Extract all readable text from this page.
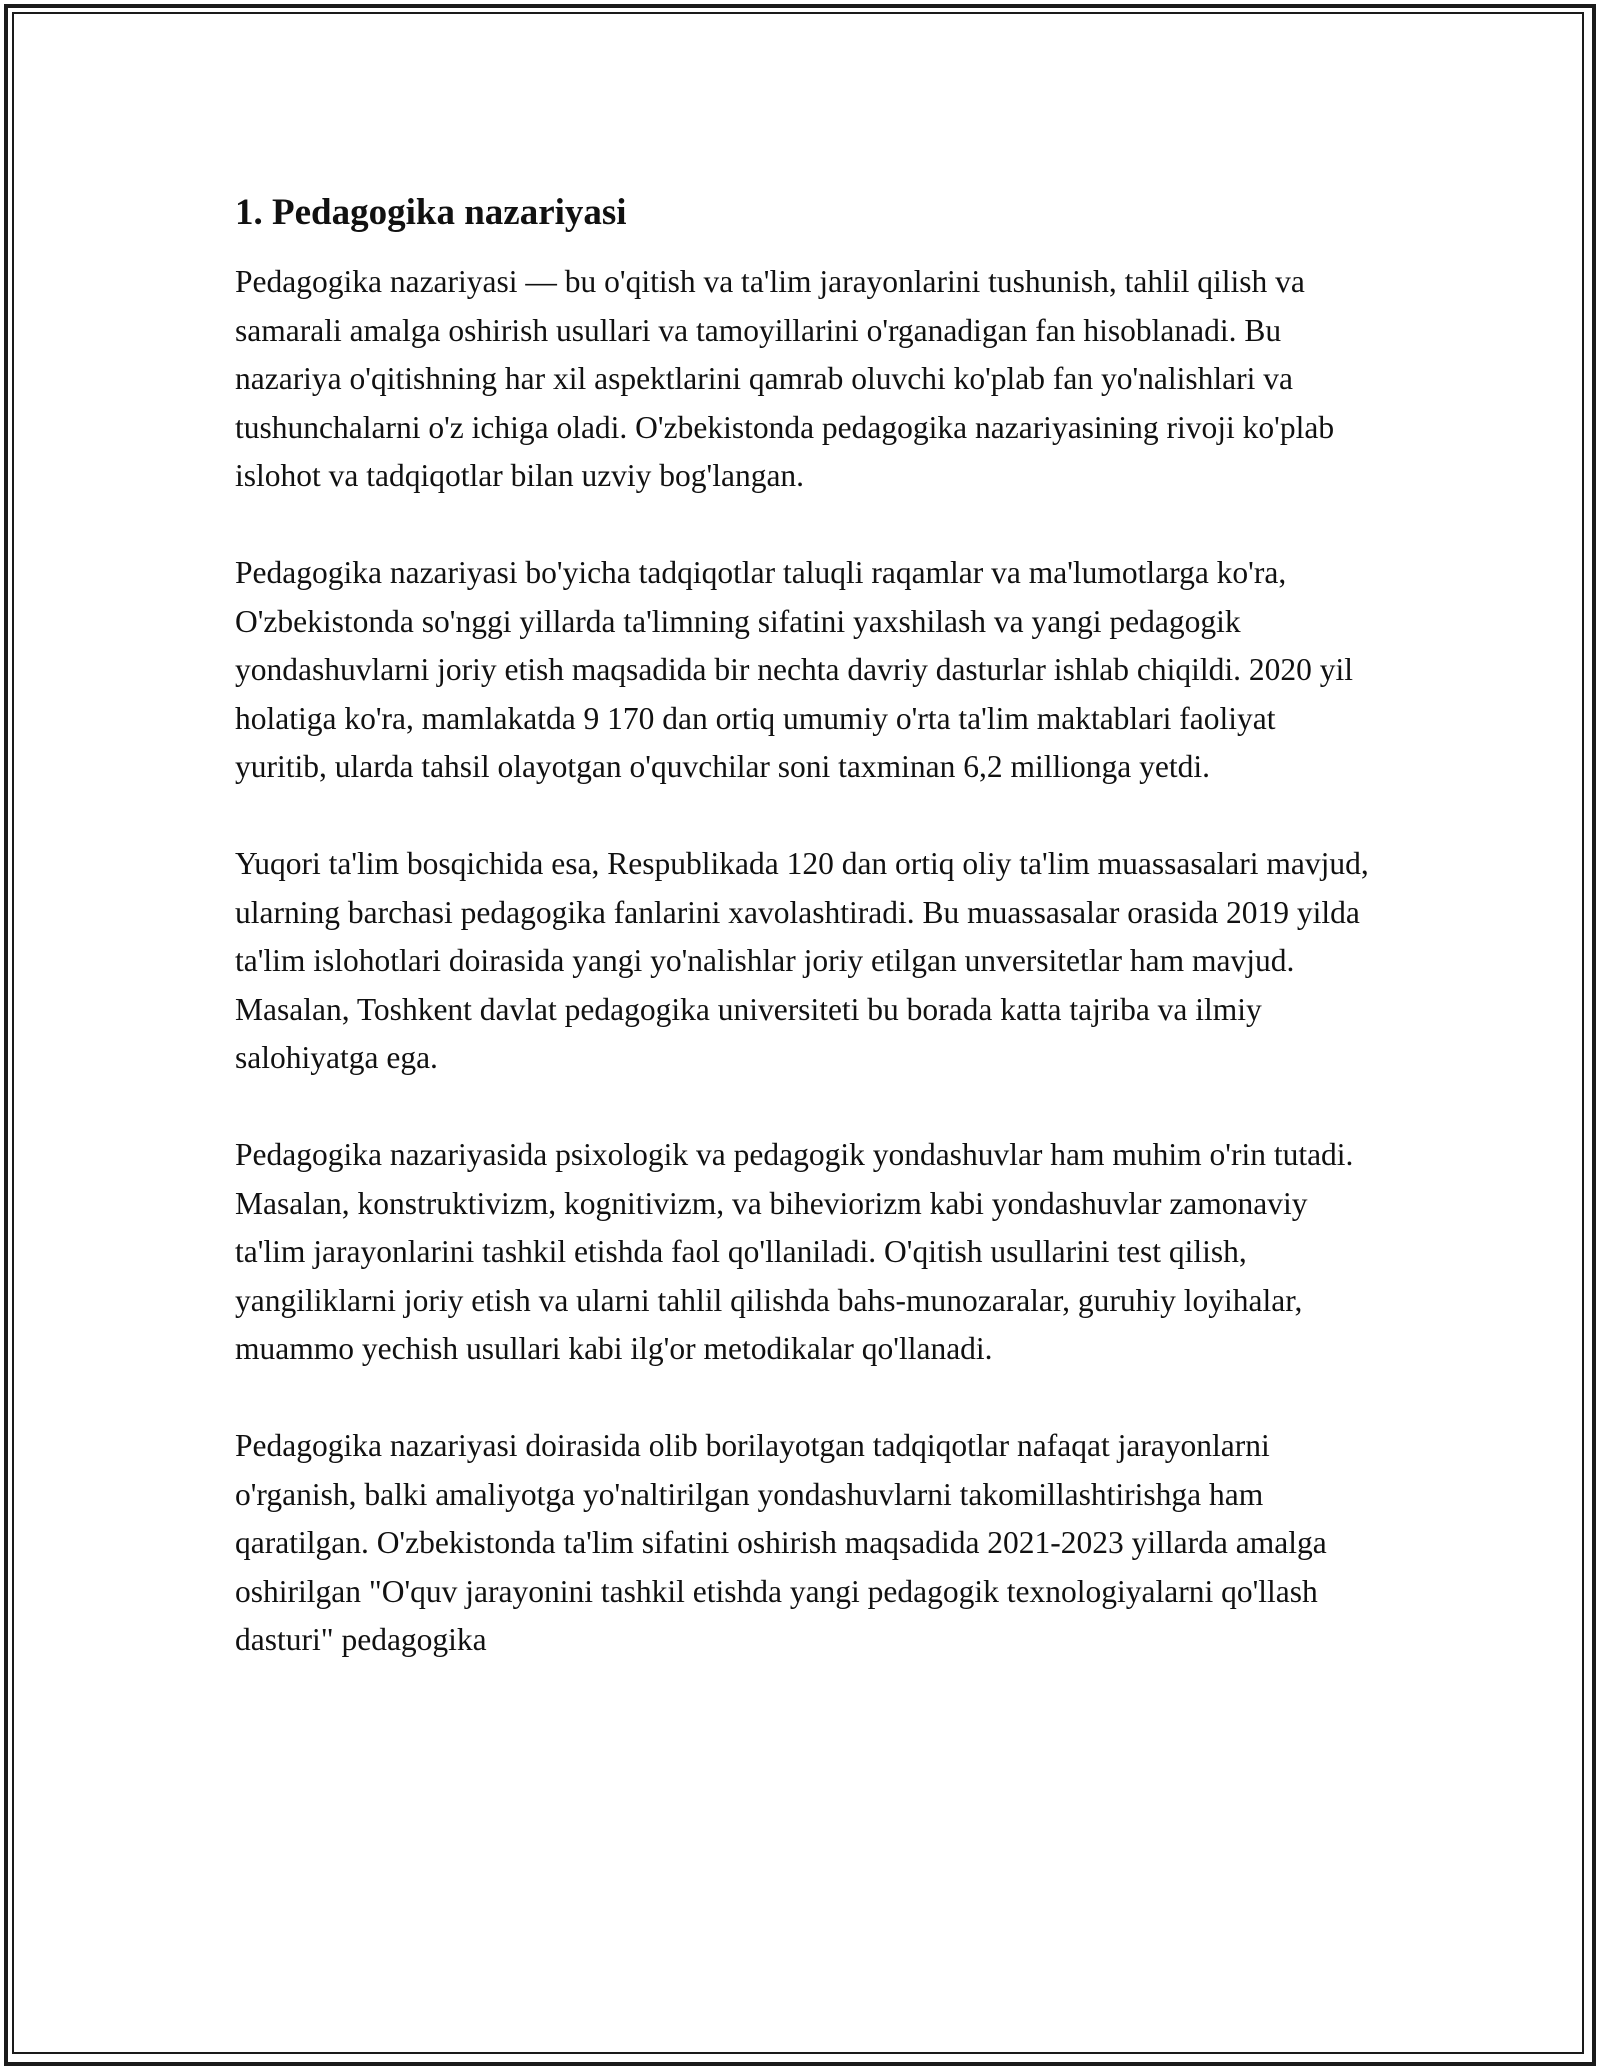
1. Pedagogika nazariyasi

Pedagogika nazariyasi — bu o'qitish va ta'lim jarayonlarini tushunish, tahlil qilish va samarali amalga oshirish usullari va tamoyillarini o'rganadigan fan hisoblanadi. Bu nazariya o'qitishning har xil aspektlarini qamrab oluvchi ko'plab fan yo'nalishlari va tushunchalarni o'z ichiga oladi. O'zbekistonda pedagogika nazariyasining rivoji ko'plab islohot va tadqiqotlar bilan uzviy bog'langan.

Pedagogika nazariyasi bo'yicha tadqiqotlar taluqli raqamlar va ma'lumotlarga ko'ra, O'zbekistonda so'nggi yillarda ta'limning sifatini yaxshilash va yangi pedagogik yondashuvlarni joriy etish maqsadida bir nechta davriy dasturlar ishlab chiqildi. 2020 yil holatiga ko'ra, mamlakatda 9 170 dan ortiq umumiy o'rta ta'lim maktablari faoliyat yuritib, ularda tahsil olayotgan o'quvchilar soni taxminan 6,2 millionga yetdi.

Yuqori ta'lim bosqichida esa, Respublikada 120 dan ortiq oliy ta'lim muassasalari mavjud, ularning barchasi pedagogika fanlarini xavolashtiradi. Bu muassasalar orasida 2019 yilda ta'lim islohotlari doirasida yangi yo'nalishlar joriy etilgan unversitetlar ham mavjud. Masalan, Toshkent davlat pedagogika universiteti bu borada katta tajriba va ilmiy salohiyatga ega.

Pedagogika nazariyasida psixologik va pedagogik yondashuvlar ham muhim o'rin tutadi. Masalan, konstruktivizm, kognitivizm, va biheviorizm kabi yondashuvlar zamonaviy ta'lim jarayonlarini tashkil etishda faol qo'llaniladi. O'qitish usullarini test qilish, yangiliklarni joriy etish va ularni tahlil qilishda bahs-munozaralar, guruhiy loyihalar, muammo yechish usullari kabi ilg'or metodikalar qo'llanadi.

Pedagogika nazariyasi doirasida olib borilayotgan tadqiqotlar nafaqat jarayonlarni o'rganish, balki amaliyotga yo'naltirilgan yondashuvlarni takomillashtirishga ham qaratilgan. O'zbekistonda ta'lim sifatini oshirish maqsadida 2021-2023 yillarda amalga oshirilgan "O'quv jarayonini tashkil etishda yangi pedagogik texnologiyalarni qo'llash dasturi" pedagogika
